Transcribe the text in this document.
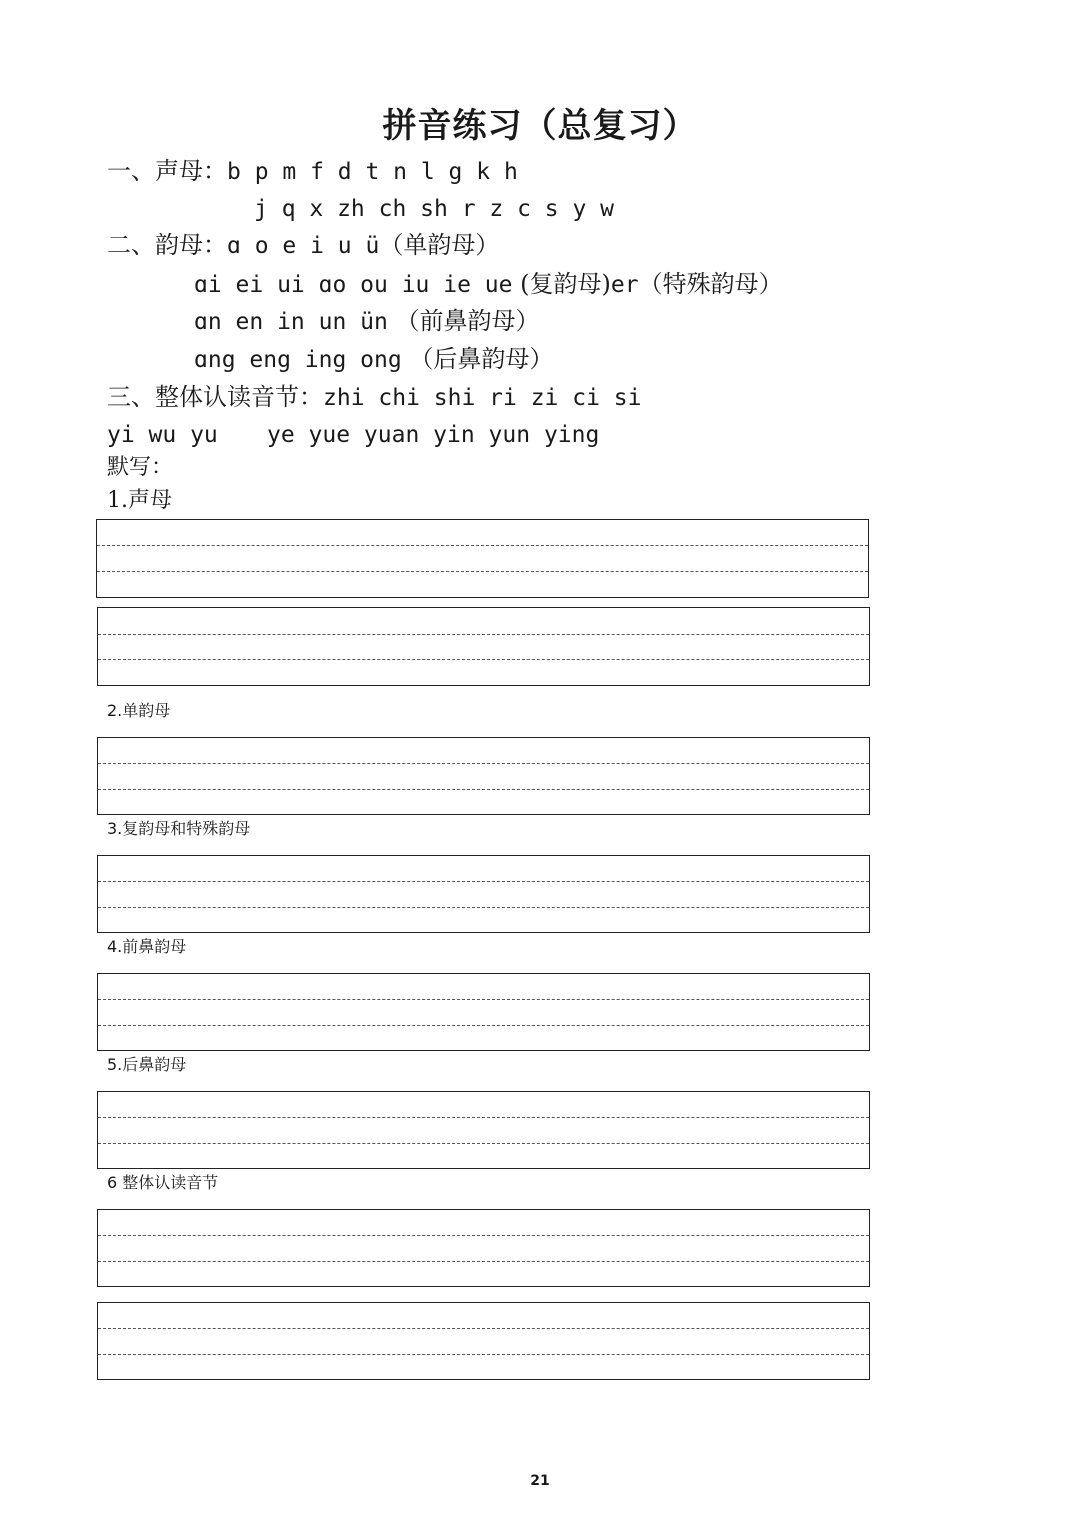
拼音练习（总复习）
一、声母：b p m f d t n l g k h
j q x zh ch sh r z c s y w
二、韵母：ɑ o e i u ü（单韵母）
ɑi ei ui ɑo ou iu ie ue (复韵母)er（特殊韵母）
ɑn en in un ün （前鼻韵母）
ɑng eng ing ong （后鼻韵母）
三、整体认读音节：zhi chi shi ri zi ci si
yi wu yu ye yue yuan yin yun ying
默写：
1.声母
2.单韵母
3.复韵母和特殊韵母
4.前鼻韵母
5.后鼻韵母
6 整体认读音节
21
